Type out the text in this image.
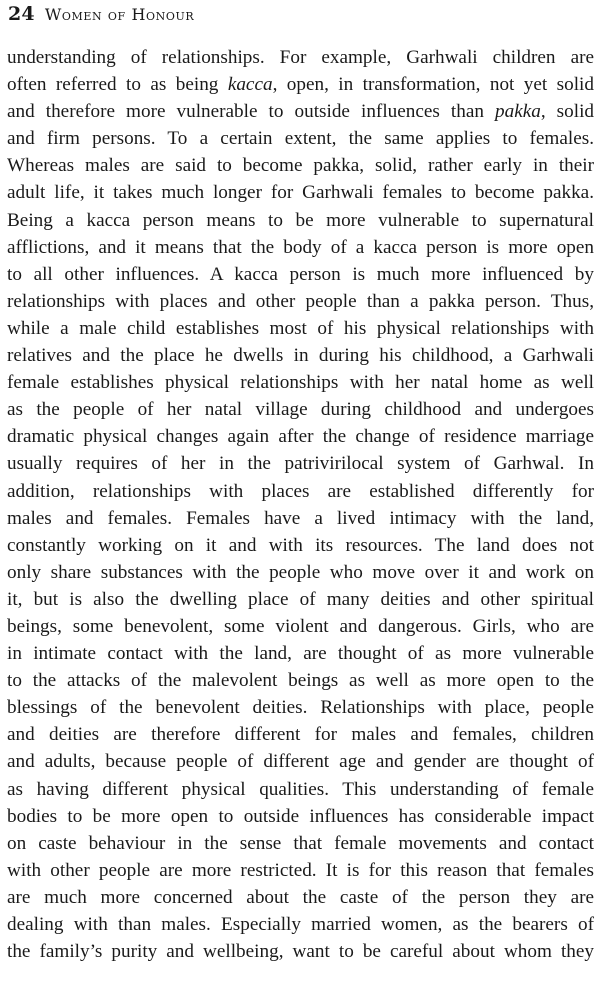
24 Women of Honour
understanding of relationships. For example, Garhwali children are
often referred to as being kacca, open, in transformation, not yet solid
and therefore more vulnerable to outside influences than pakka, solid
and firm persons. To a certain extent, the same applies to females.
Whereas males are said to become pakka, solid, rather early in their
adult life, it takes much longer for Garhwali females to become pakka.
Being a kacca person means to be more vulnerable to supernatural
afflictions, and it means that the body of a kacca person is more open
to all other influences. A kacca person is much more influenced by
relationships with places and other people than a pakka person. Thus,
while a male child establishes most of his physical relationships with
relatives and the place he dwells in during his childhood, a Garhwali
female establishes physical relationships with her natal home as well
as the people of her natal village during childhood and undergoes
dramatic physical changes again after the change of residence marriage
usually requires of her in the patrivirilocal system of Garhwal. In
addition, relationships with places are established differently for
males and females. Females have a lived intimacy with the land,
constantly working on it and with its resources. The land does not
only share substances with the people who move over it and work on
it, but is also the dwelling place of many deities and other spiritual
beings, some benevolent, some violent and dangerous. Girls, who are
in intimate contact with the land, are thought of as more vulnerable
to the attacks of the malevolent beings as well as more open to the
blessings of the benevolent deities. Relationships with place, people
and deities are therefore different for males and females, children
and adults, because people of different age and gender are thought of
as having different physical qualities. This understanding of female
bodies to be more open to outside influences has considerable impact
on caste behaviour in the sense that female movements and contact
with other people are more restricted. It is for this reason that females
are much more concerned about the caste of the person they are
dealing with than males. Especially married women, as the bearers of
the family’s purity and wellbeing, want to be careful about whom they
